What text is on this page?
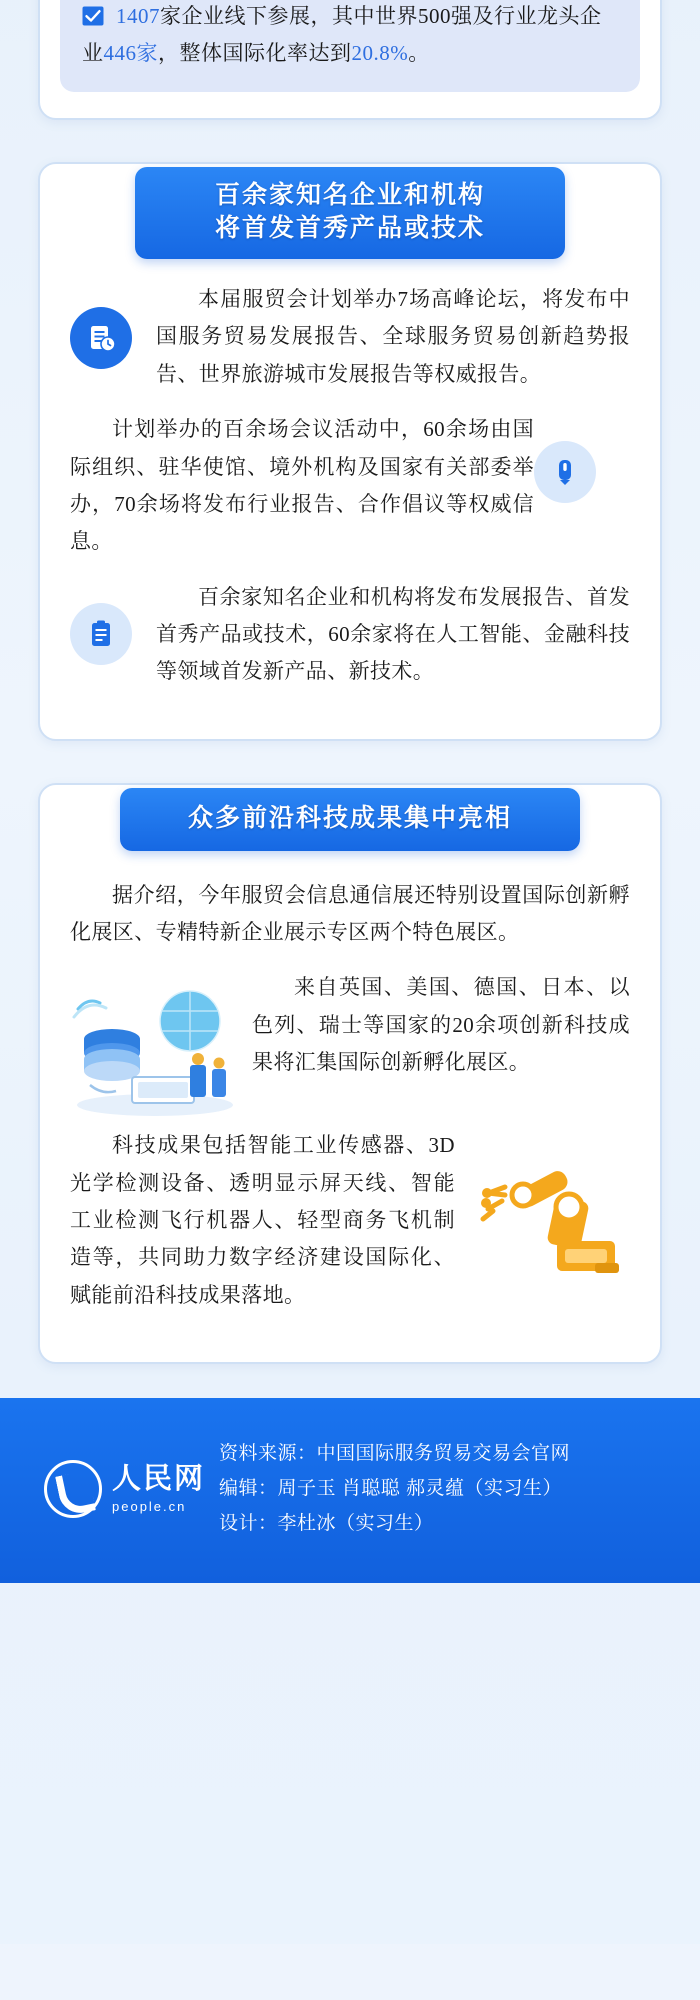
1407家企业线下参展，其中世界500强及行业龙头企业446家，整体国际化率达到20.8%。
百余家知名企业和机构
将首发首秀产品或技术

本届服贸会计划举办7场高峰论坛，将发布中国服务贸易发展报告、全球服务贸易创新趋势报告、世界旅游城市发展报告等权威报告。

计划举办的百余场会议活动中，60余场由国际组织、驻华使馆、境外机构及国家有关部委举办，70余场将发布行业报告、合作倡议等权威信息。

百余家知名企业和机构将发布发展报告、首发首秀产品或技术，60余家将在人工智能、金融科技等领域首发新产品、新技术。

众多前沿科技成果集中亮相

据介绍，今年服贸会信息通信展还特别设置国际创新孵化展区、专精特新企业展示专区两个特色展区。

来自英国、美国、德国、日本、以色列、瑞士等国家的20余项创新科技成果将汇集国际创新孵化展区。

科技成果包括智能工业传感器、3D光学检测设备、透明显示屏天线、智能工业检测飞行机器人、轻型商务飞机制造等，共同助力数字经济建设国际化、赋能前沿科技成果落地。

人民网
people.cn
资料来源：中国国际服务贸易交易会官网
编辑：周子玉 肖聪聪 郝灵蕴（实习生）
设计：李杜冰（实习生）
